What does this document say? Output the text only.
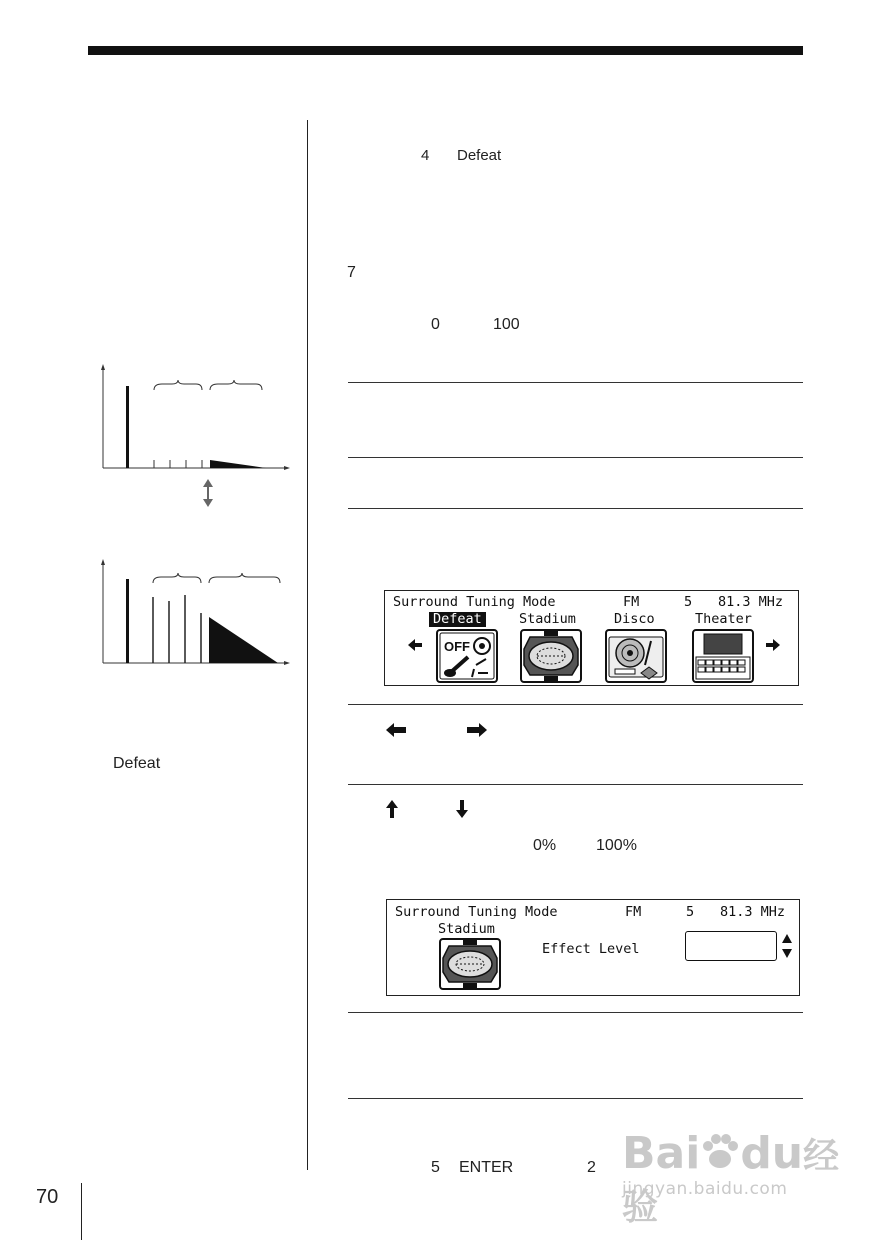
Defeat
4 Defeat
7
0	100
Surround Tuning Mode	FM	5 81.3 MHz
Defeat	Stadium	Disco	Theater
OFF
0% 100%
Surround Tuning Mode	FM	5 81.3 MHz
Stadium
Effect Level
5 ENTER	2 Bai du经验
jingyan.baidu.com
70
